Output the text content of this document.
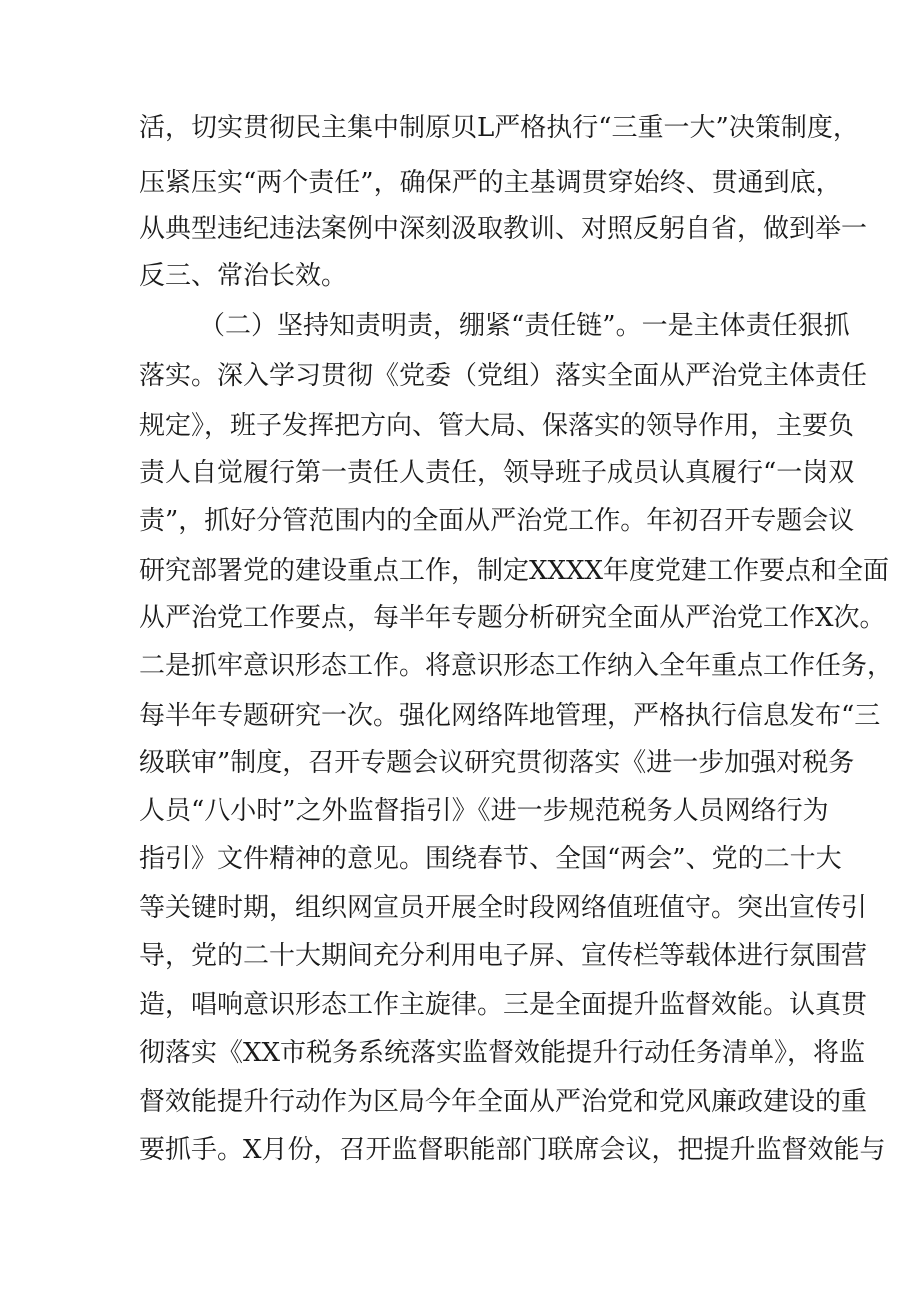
活，切实贯彻民主集中制原贝L严格执行“三重一大”决策制度，
压紧压实“两个责任”，确保严的主基调贯穿始终、贯通到底，
从典型违纪违法案例中深刻汲取教训、对照反躬自省，做到举一
反三、常治长效。
（二）坚持知责明责，绷紧“责任链”。一是主体责任狠抓
落实。深入学习贯彻《党委（党组）落实全面从严治党主体责任
规定》，班子发挥把方向、管大局、保落实的领导作用，主要负
责人自觉履行第一责任人责任，领导班子成员认真履行“一岗双
责”，抓好分管范围内的全面从严治党工作。年初召开专题会议
研究部署党的建设重点工作，制定XXXX年度党建工作要点和全面
从严治党工作要点，每半年专题分析研究全面从严治党工作X次。
二是抓牢意识形态工作。将意识形态工作纳入全年重点工作任务，
每半年专题研究一次。强化网络阵地管理，严格执行信息发布“三
级联审”制度，召开专题会议研究贯彻落实《进一步加强对税务
人员“八小时”之外监督指引》《进一步规范税务人员网络行为
指引》文件精神的意见。围绕春节、全国“两会”、党的二十大
等关键时期，组织网宣员开展全时段网络值班值守。突出宣传引
导，党的二十大期间充分利用电子屏、宣传栏等载体进行氛围营
造，唱响意识形态工作主旋律。三是全面提升监督效能。认真贯
彻落实《XX市税务系统落实监督效能提升行动任务清单》，将监
督效能提升行动作为区局今年全面从严治党和党风廉政建设的重
要抓手。X月份，召开监督职能部门联席会议，把提升监督效能与
